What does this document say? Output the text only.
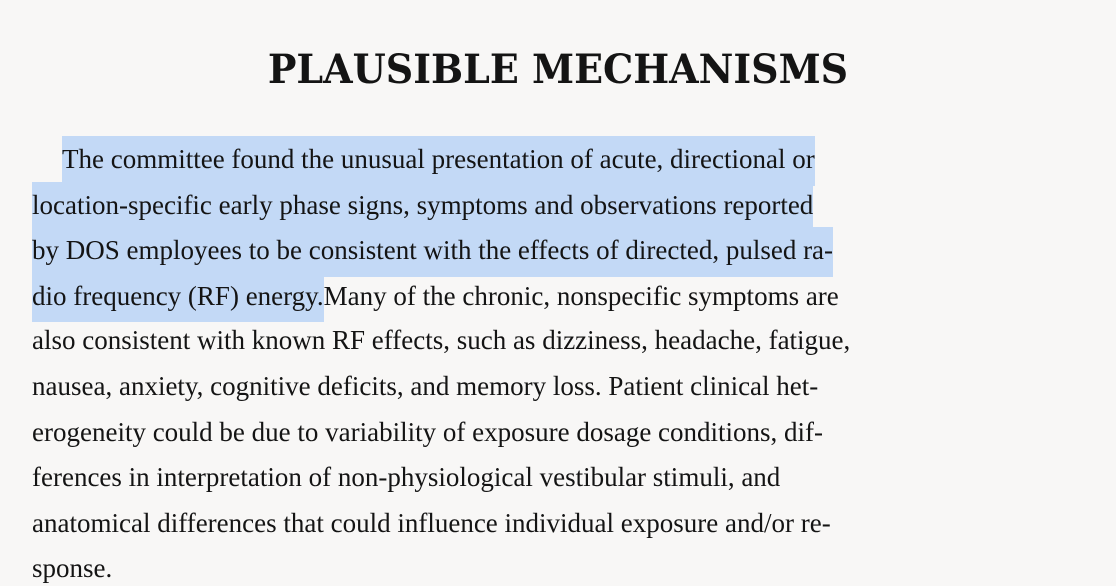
PLAUSIBLE MECHANISMS
The committee found the unusual presentation of acute, directional or
location-specific early phase signs, symptoms and observations reported
by DOS employees to be consistent with the effects of directed, pulsed ra-
dio frequency (RF) energy.Many of the chronic, nonspecific symptoms are
also consistent with known RF effects, such as dizziness, headache, fatigue,
nausea, anxiety, cognitive deficits, and memory loss. Patient clinical het-
erogeneity could be due to variability of exposure dosage conditions, dif-
ferences in interpretation of non-physiological vestibular stimuli, and
anatomical differences that could influence individual exposure and/or re-
sponse.
